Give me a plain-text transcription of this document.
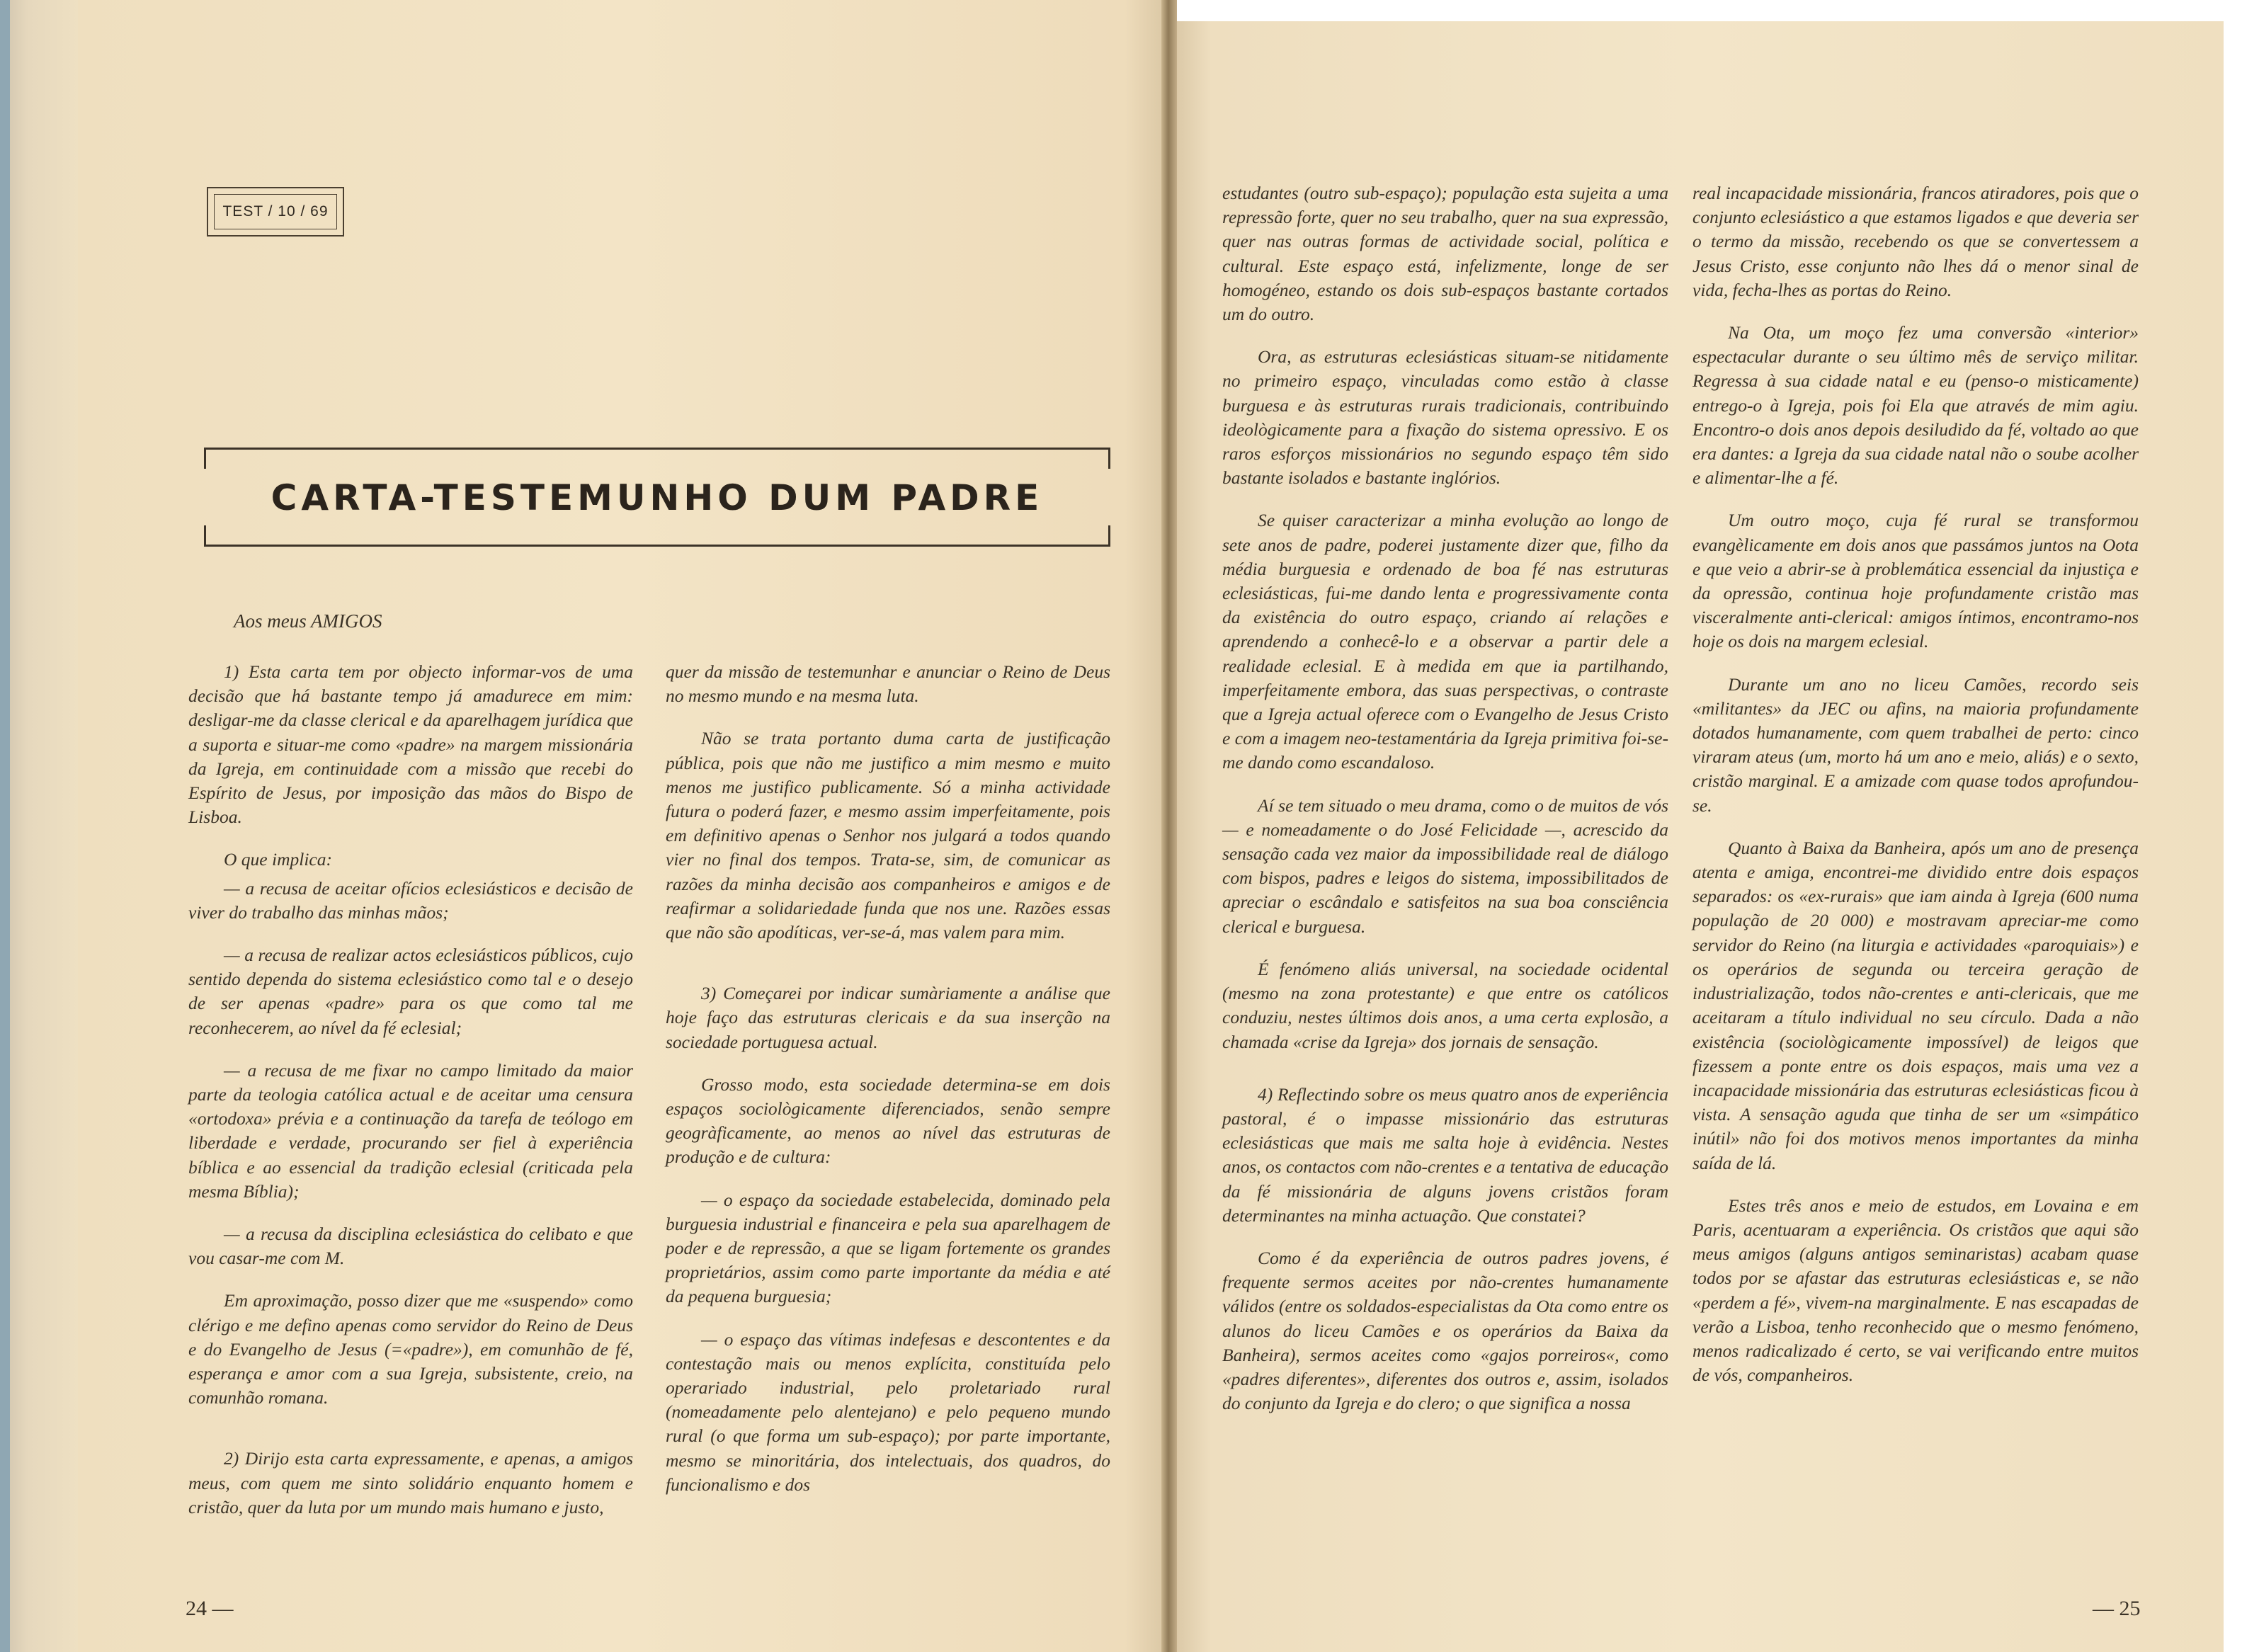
TEST / 10 / 69
CARTA-TESTEMUNHO DUM PADRE
Aos meus AMIGOS

1) Esta carta tem por objecto informar-vos de uma decisão que há bastante tempo já amadurece em mim: desligar-me da classe clerical e da aparelhagem jurídica que a suporta e situar-me como «padre» na margem missionária da Igreja, em continuidade com a missão que recebi do Espírito de Jesus, por imposição das mãos do Bispo de Lisboa.

O que implica:

— a recusa de aceitar ofícios eclesiásticos e decisão de viver do trabalho das minhas mãos;

— a recusa de realizar actos eclesiásticos públicos, cujo sentido dependa do sistema eclesiástico como tal e o desejo de ser apenas «padre» para os que como tal me reconhecerem, ao nível da fé eclesial;

— a recusa de me fixar no campo limitado da maior parte da teologia católica actual e de aceitar uma censura «ortodoxa» prévia e a continuação da tarefa de teólogo em liberdade e verdade, procurando ser fiel à experiência bíblica e ao essencial da tradição eclesial (criticada pela mesma Bíblia);

— a recusa da disciplina eclesiástica do celibato e que vou casar-me com M.

Em aproximação, posso dizer que me «suspendo» como clérigo e me defino apenas como servidor do Reino de Deus e do Evangelho de Jesus (=«padre»), em comunhão de fé, esperança e amor com a sua Igreja, subsistente, creio, na comunhão romana.

2) Dirijo esta carta expressamente, e apenas, a amigos meus, com quem me sinto solidário enquanto homem e cristão, quer da luta por um mundo mais humano e justo,

quer da missão de testemunhar e anunciar o Reino de Deus no mesmo mundo e na mesma luta.

Não se trata portanto duma carta de justificação pública, pois que não me justifico a mim mesmo e muito menos me justifico publicamente. Só a minha actividade futura o poderá fazer, e mesmo assim imperfeitamente, pois em definitivo apenas o Senhor nos julgará a todos quando vier no final dos tempos. Trata-se, sim, de comunicar as razões da minha decisão aos companheiros e amigos e de reafirmar a solidariedade funda que nos une. Razões essas que não são apodíticas, ver-se-á, mas valem para mim.

3) Começarei por indicar sumàriamente a análise que hoje faço das estruturas clericais e da sua inserção na sociedade portuguesa actual.

Grosso modo, esta sociedade determina-se em dois espaços sociològicamente diferenciados, senão sempre geogràficamente, ao menos ao nível das estruturas de produção e de cultura:

— o espaço da sociedade estabelecida, dominado pela burguesia industrial e financeira e pela sua aparelhagem de poder e de repressão, a que se ligam fortemente os grandes proprietários, assim como parte importante da média e até da pequena burguesia;

— o espaço das vítimas indefesas e descontentes e da contestação mais ou menos explícita, constituída pelo operariado industrial, pelo proletariado rural (nomeadamente pelo alentejano) e pelo pequeno mundo rural (o que forma um sub-espaço); por parte importante, mesmo se minoritária, dos intelectuais, dos quadros, do funcionalismo e dos

estudantes (outro sub-espaço); população esta sujeita a uma repressão forte, quer no seu trabalho, quer na sua expressão, quer nas outras formas de actividade social, política e cultural. Este espaço está, infelizmente, longe de ser homogéneo, estando os dois sub-espaços bastante cortados um do outro.

Ora, as estruturas eclesiásticas situam-se nitidamente no primeiro espaço, vinculadas como estão à classe burguesa e às estruturas rurais tradicionais, contribuindo ideològicamente para a fixação do sistema opressivo. E os raros esforços missionários no segundo espaço têm sido bastante isolados e bastante inglórios.

Se quiser caracterizar a minha evolução ao longo de sete anos de padre, poderei justamente dizer que, filho da média burguesia e ordenado de boa fé nas estruturas eclesiásticas, fui-me dando lenta e progressivamente conta da existência do outro espaço, criando aí relações e aprendendo a conhecê-lo e a observar a partir dele a realidade eclesial. E à medida em que ia partilhando, imperfeitamente embora, das suas perspectivas, o contraste que a Igreja actual oferece com o Evangelho de Jesus Cristo e com a imagem neo-testamentária da Igreja primitiva foi-se-me dando como escandaloso.

Aí se tem situado o meu drama, como o de muitos de vós — e nomeadamente o do José Felicidade —, acrescido da sensação cada vez maior da impossibilidade real de diálogo com bispos, padres e leigos do sistema, impossibilitados de apreciar o escândalo e satisfeitos na sua boa consciência clerical e burguesa.

É fenómeno aliás universal, na sociedade ocidental (mesmo na zona protestante) e que entre os católicos conduziu, nestes últimos dois anos, a uma certa explosão, a chamada «crise da Igreja» dos jornais de sensação.

4) Reflectindo sobre os meus quatro anos de experiência pastoral, é o impasse missionário das estruturas eclesiásticas que mais me salta hoje à evidência. Nestes anos, os contactos com não-crentes e a tentativa de educação da fé missionária de alguns jovens cristãos foram determinantes na minha actuação. Que constatei?

Como é da experiência de outros padres jovens, é frequente sermos aceites por não-crentes humanamente válidos (entre os soldados-especialistas da Ota como entre os alunos do liceu Camões e os operários da Baixa da Banheira), sermos aceites como «gajos porreiros«, como «padres diferentes», diferentes dos outros e, assim, isolados do conjunto da Igreja e do clero; o que significa a nossa

real incapacidade missionária, francos atiradores, pois que o conjunto eclesiástico a que estamos ligados e que deveria ser o termo da missão, recebendo os que se convertessem a Jesus Cristo, esse conjunto não lhes dá o menor sinal de vida, fecha-lhes as portas do Reino.

Na Ota, um moço fez uma conversão «interior» espectacular durante o seu último mês de serviço militar. Regressa à sua cidade natal e eu (penso-o misticamente) entrego-o à Igreja, pois foi Ela que através de mim agiu. Encontro-o dois anos depois desiludido da fé, voltado ao que era dantes: a Igreja da sua cidade natal não o soube acolher e alimentar-lhe a fé.

Um outro moço, cuja fé rural se transformou evangèlicamente em dois anos que passámos juntos na Oota e que veio a abrir-se à problemática essencial da injustiça e da opressão, continua hoje profundamente cristão mas visceralmente anti-clerical: amigos íntimos, encontramo-nos hoje os dois na margem eclesial.

Durante um ano no liceu Camões, recordo seis «militantes» da JEC ou afins, na maioria profundamente dotados humanamente, com quem trabalhei de perto: cinco viraram ateus (um, morto há um ano e meio, aliás) e o sexto, cristão marginal. E a amizade com quase todos aprofundou-se.

Quanto à Baixa da Banheira, após um ano de presença atenta e amiga, encontrei-me dividido entre dois espaços separados: os «ex-rurais» que iam ainda à Igreja (600 numa população de 20 000) e mostravam apreciar-me como servidor do Reino (na liturgia e actividades «paroquiais») e os operários de segunda ou terceira geração de industrialização, todos não-crentes e anti-clericais, que me aceitaram a título individual no seu círculo. Dada a não existência (sociològicamente impossível) de leigos que fizessem a ponte entre os dois espaços, mais uma vez a incapacidade missionária das estruturas eclesiásticas ficou à vista. A sensação aguda que tinha de ser um «simpático inútil» não foi dos motivos menos importantes da minha saída de lá.

Estes três anos e meio de estudos, em Lovaina e em Paris, acentuaram a experiência. Os cristãos que aqui são meus amigos (alguns antigos seminaristas) acabam quase todos por se afastar das estruturas eclesiásticas e, se não «perdem a fé», vivem-na marginalmente. E nas escapadas de verão a Lisboa, tenho reconhecido que o mesmo fenómeno, menos radicalizado é certo, se vai verificando entre muitos de vós, companheiros.

24 —	— 25
